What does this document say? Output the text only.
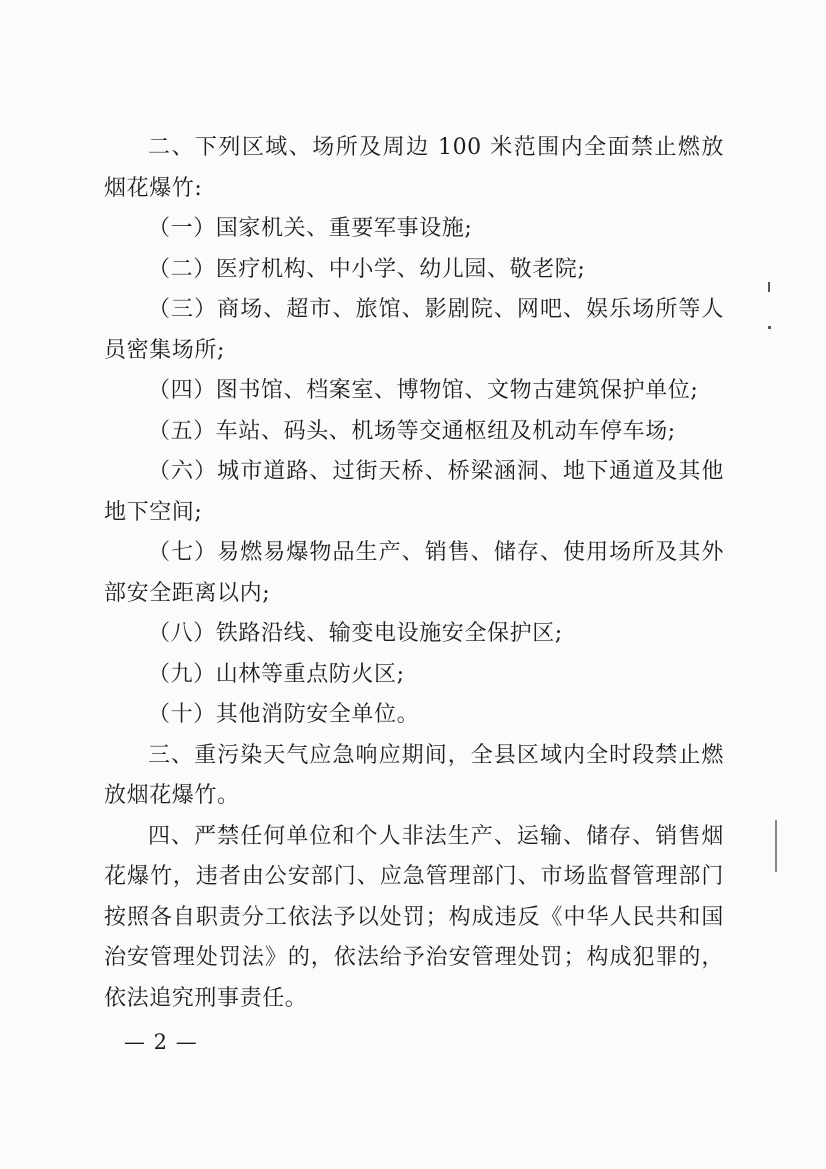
二、下列区域、场所及周边 100 米范围内全面禁止燃放烟花爆竹:

（一）国家机关、重要军事设施;

（二）医疗机构、中小学、幼儿园、敬老院;

（三）商场、超市、旅馆、影剧院、网吧、娱乐场所等人员密集场所;

（四）图书馆、档案室、博物馆、文物古建筑保护单位;

（五）车站、码头、机场等交通枢纽及机动车停车场;

（六）城市道路、过街天桥、桥梁涵洞、地下通道及其他地下空间;

（七）易燃易爆物品生产、销售、储存、使用场所及其外部安全距离以内;

（八）铁路沿线、输变电设施安全保护区;

（九）山林等重点防火区;

（十）其他消防安全单位。

三、重污染天气应急响应期间，全县区域内全时段禁止燃放烟花爆竹。

四、严禁任何单位和个人非法生产、运输、储存、销售烟花爆竹，违者由公安部门、应急管理部门、市场监督管理部门按照各自职责分工依法予以处罚；构成违反《中华人民共和国治安管理处罚法》的，依法给予治安管理处罚；构成犯罪的，依法追究刑事责任。

— 2 —
